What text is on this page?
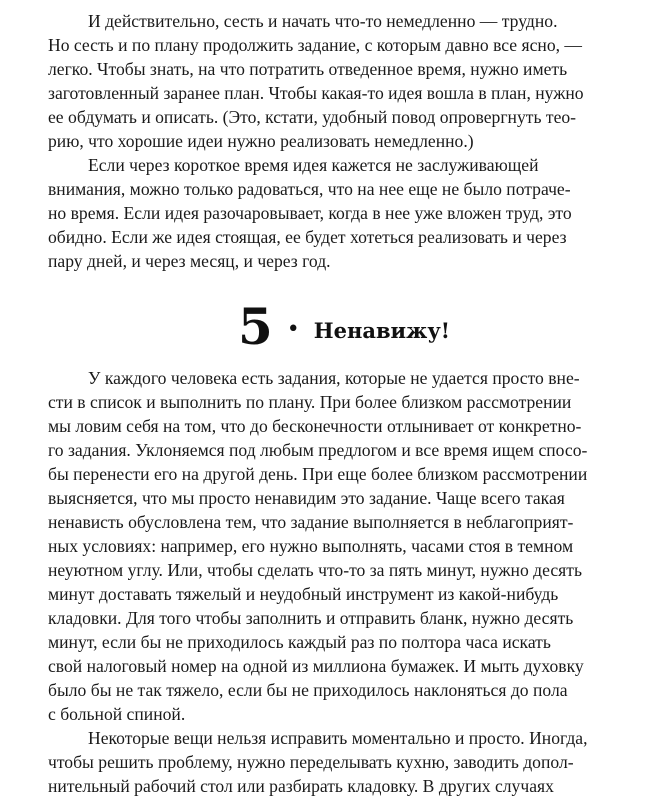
И действительно, сесть и начать что-то немедленно — трудно.
Но сесть и по плану продолжить задание, с которым давно все ясно, —
легко. Чтобы знать, на что потратить отведенное время, нужно иметь
заготовленный заранее план. Чтобы какая-то идея вошла в план, нужно
ее обдумать и описать. (Это, кстати, удобный повод опровергнуть тео-
рию, что хорошие идеи нужно реализовать немедленно.)
Если через короткое время идея кажется не заслуживающей
внимания, можно только радоваться, что на нее еще не было потраче-
но время. Если идея разочаровывает, когда в нее уже вложен труд, это
обидно. Если же идея стоящая, ее будет хотеться реализовать и через
пару дней, и через месяц, и через год.
5 • Ненавижу!
У каждого человека есть задания, которые не удается просто вне-
сти в список и выполнить по плану. При более близком рассмотрении
мы ловим себя на том, что до бесконечности отлынивает от конкретно-
го задания. Уклоняемся под любым предлогом и все время ищем спосо-
бы перенести его на другой день. При еще более близком рассмотрении
выясняется, что мы просто ненавидим это задание. Чаще всего такая
ненависть обусловлена тем, что задание выполняется в неблагоприят-
ных условиях: например, его нужно выполнять, часами стоя в темном
неуютном углу. Или, чтобы сделать что-то за пять минут, нужно десять
минут доставать тяжелый и неудобный инструмент из какой-нибудь
кладовки. Для того чтобы заполнить и отправить бланк, нужно десять
минут, если бы не приходилось каждый раз по полтора часа искать
свой налоговый номер на одной из миллиона бумажек. И мыть духовку
было бы не так тяжело, если бы не приходилось наклоняться до пола
с больной спиной.
Некоторые вещи нельзя исправить моментально и просто. Иногда,
чтобы решить проблему, нужно переделывать кухню, заводить допол-
нительный рабочий стол или разбирать кладовку. В других случаях
